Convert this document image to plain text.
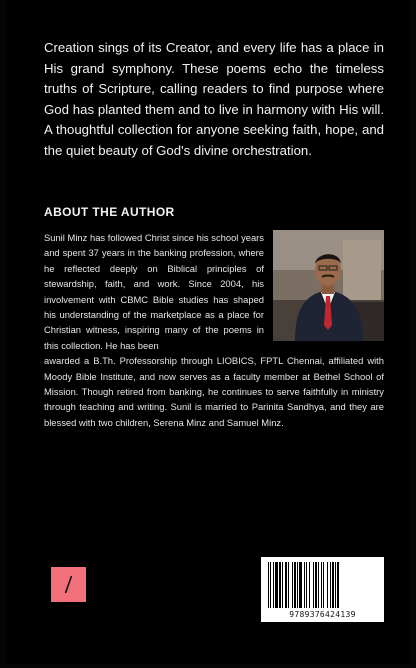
Creation sings of its Creator, and every life has a place in His grand symphony. These poems echo the timeless truths of Scripture, calling readers to find purpose where God has planted them and to live in harmony with His will. A thoughtful collection for anyone seeking faith, hope, and the quiet beauty of God's divine orchestration.

ABOUT THE AUTHOR
Sunil Minz has followed Christ since his school years and spent 37 years in the banking profession, where he reflected deeply on Biblical principles of stewardship, faith, and work. Since 2004, his involvement with CBMC Bible studies has shaped his understanding of the marketplace as a place for Christian witness, inspiring many of the poems in this collection. He has been
awarded a B.Th. Professorship through LIOBICS, FPTL Chennai, affiliated with Moody Bible Institute, and now serves as a faculty member at Bethel School of Mission. Though retired from banking, he continues to serve faithfully in ministry through teaching and writing. Sunil is married to Parinita Sandhya, and they are blessed with two children, Serena Minz and Samuel Minz.
9789376424139
